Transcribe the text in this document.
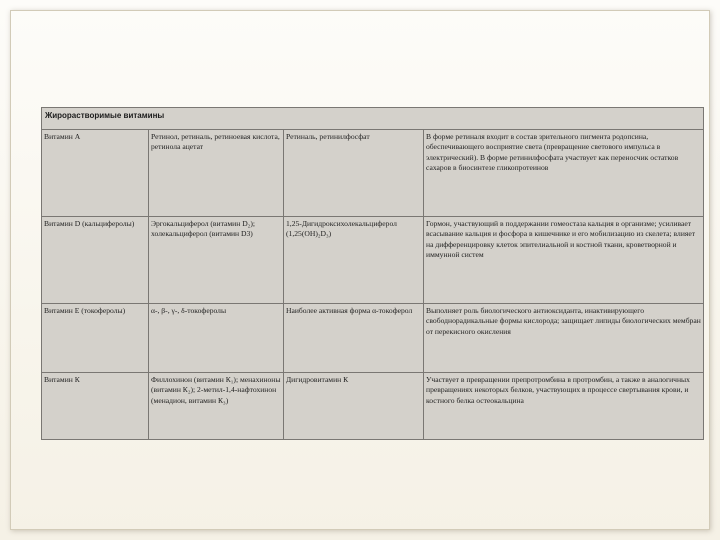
Жирорастворимые витамины			
Витамин А	Ретинол, ретиналь, ретиноевая кислота, ретинола ацетат	Ретиналь, ретинилфосфат	В форме ретиналя входит в состав зрительного пигмента родопсина, обеспечивающего восприятие света (превращение светового импульса в электрический). В форме ретинилфосфата участвует как переносчик остатков сахаров в биосинтезе гликопротеинов
Витамин D (кальциферолы)	Эргокальциферол (витамин D₂); холекальциферол (витамин D3)	1,25-Дигидроксихолекальциферол (1,25(OH)₂D₃)	Гормон, участвующий в поддержании гомеостаза кальция в организме; усиливает всасывание кальция и фосфора в кишечнике и его мобилизацию из скелета; влияет на дифференцировку клеток эпителиальной и костной ткани, кроветворной и иммунной систем
Витамин Е (токоферолы)	α-, β-, γ-, δ-токоферолы	Наиболее активная форма α-токоферол	Выполняет роль биологического антиоксиданта, инактивирующего свободнорадикальные формы кислорода; защищает липиды биологических мембран от перекисного окисления
Витамин К	Филлохинон (витамин К₁); менахиноны (витамин К₂); 2-метил-1,4-нафтохинон (менадион, витамин К₃)	Дигидровитамин К	Участвует в превращении препротромбина в протромбин, а также в аналогичных превращениях некоторых белков, участвующих в процессе свертывания крови, и костного белка остеокальцина
